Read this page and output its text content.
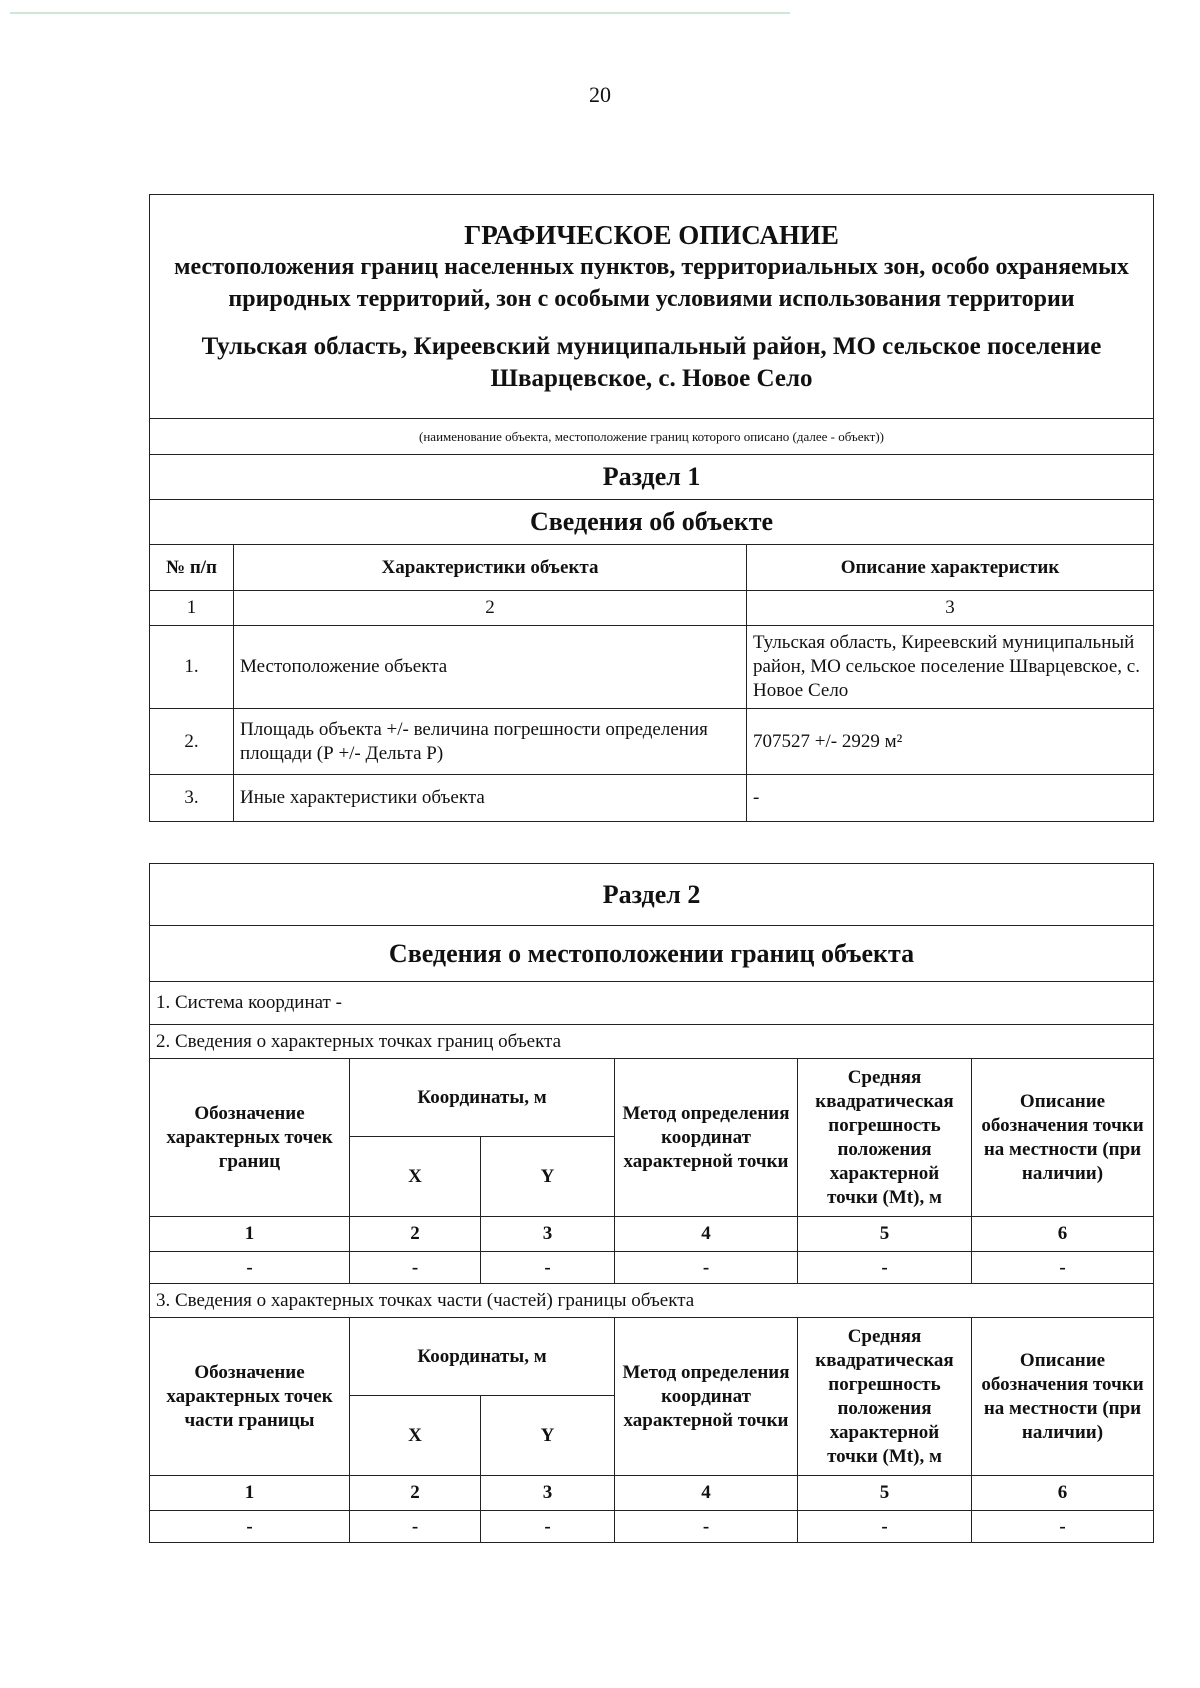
20
ГРАФИЧЕСКОЕ ОПИСАНИЕ
местоположения границ населенных пунктов, территориальных зон, особо охраняемых природных территорий, зон с особыми условиями использования территории
Тульская область, Киреевский муниципальный район, МО сельское поселение Шварцевское, с. Новое Село		

(наименование объекта, местоположение границ которого описано (далее - объект))		
Раздел 1		
Сведения об объекте		
№ п/п	Характеристики объекта	Описание характеристик
1	2	3
1.	Местоположение объекта	Тульская область, Киреевский муниципальный район, МО сельское поселение Шварцевское, с. Новое Село
2.	Площадь объекта +/- величина погрешности определения площади (Р +/- Дельта Р)	707527 +/- 2929 м²
3.	Иные характеристики объекта	-
Раздел 2					
Сведения о местоположении границ объекта					
1. Система координат -					
2. Сведения о характерных точках границ объекта					
Обозначение характерных точек границ	Координаты, м		Метод определения координат характерной точки	Средняя квадратическая погрешность положения характерной точки (Mt), м	Описание обозначения точки на местности (при наличии)
	X	Y			
1	2	3	4	5	6
-	-	-	-	-	-
3. Сведения о характерных точках части (частей) границы объекта					
Обозначение характерных точек части границы	Координаты, м		Метод определения координат характерной точки	Средняя квадратическая погрешность положения характерной точки (Mt), м	Описание обозначения точки на местности (при наличии)
	X	Y			
1	2	3	4	5	6
-	-	-	-	-	-
